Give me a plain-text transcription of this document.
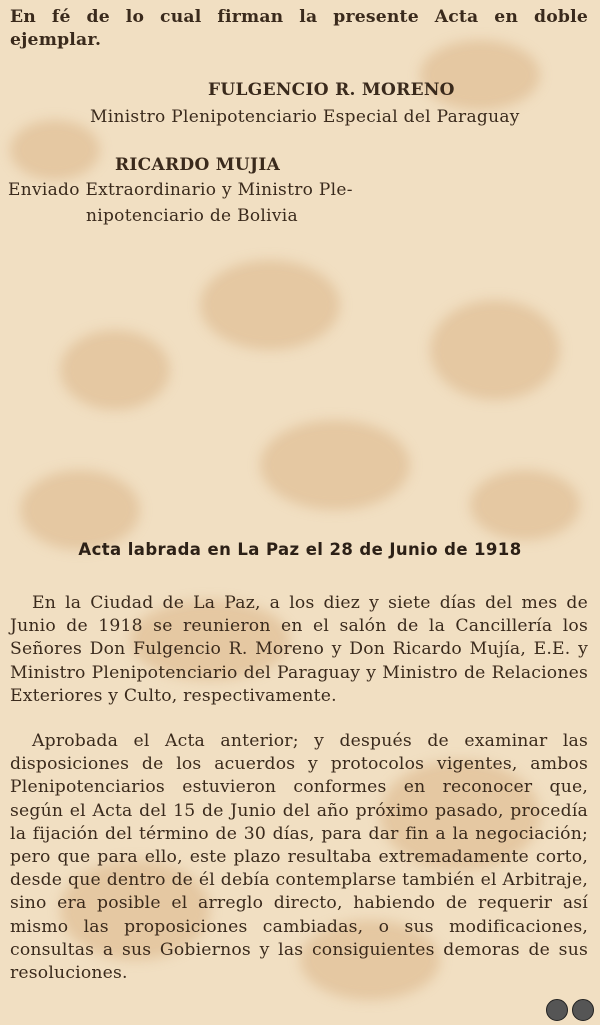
En fé de lo cual firman la presente Acta en doble ejemplar.
FULGENCIO R. MORENO
Ministro Plenipotenciario Especial del Paraguay
RICARDO MUJIA
Enviado Extraordinario y Ministro Ple-
nipotenciario de Bolivia
Acta labrada en La Paz el 28 de Junio de 1918
En la Ciudad de La Paz, a los diez y siete días del mes de Junio de 1918 se reunieron en el salón de la Cancillería los Señores Don Fulgencio R. Moreno y Don Ricardo Mujía, E.E. y Ministro Plenipotenciario del Paraguay y Ministro de Relaciones Exteriores y Culto, respectivamente.
Aprobada el Acta anterior; y después de examinar las disposiciones de los acuerdos y protocolos vigentes, ambos Plenipotenciarios estuvieron conformes en reconocer que, según el Acta del 15 de Junio del año próximo pasado, procedía la fijación del término de 30 días, para dar fin a la negociación; pero que para ello, este plazo resultaba extremadamente corto, desde que dentro de él debía contemplarse también el Arbitraje, sino era posible el arreglo directo, habiendo de requerir así mismo las proposiciones cambiadas, o sus modificaciones, consultas a sus Gobiernos y las consiguientes demoras de sus resoluciones.
